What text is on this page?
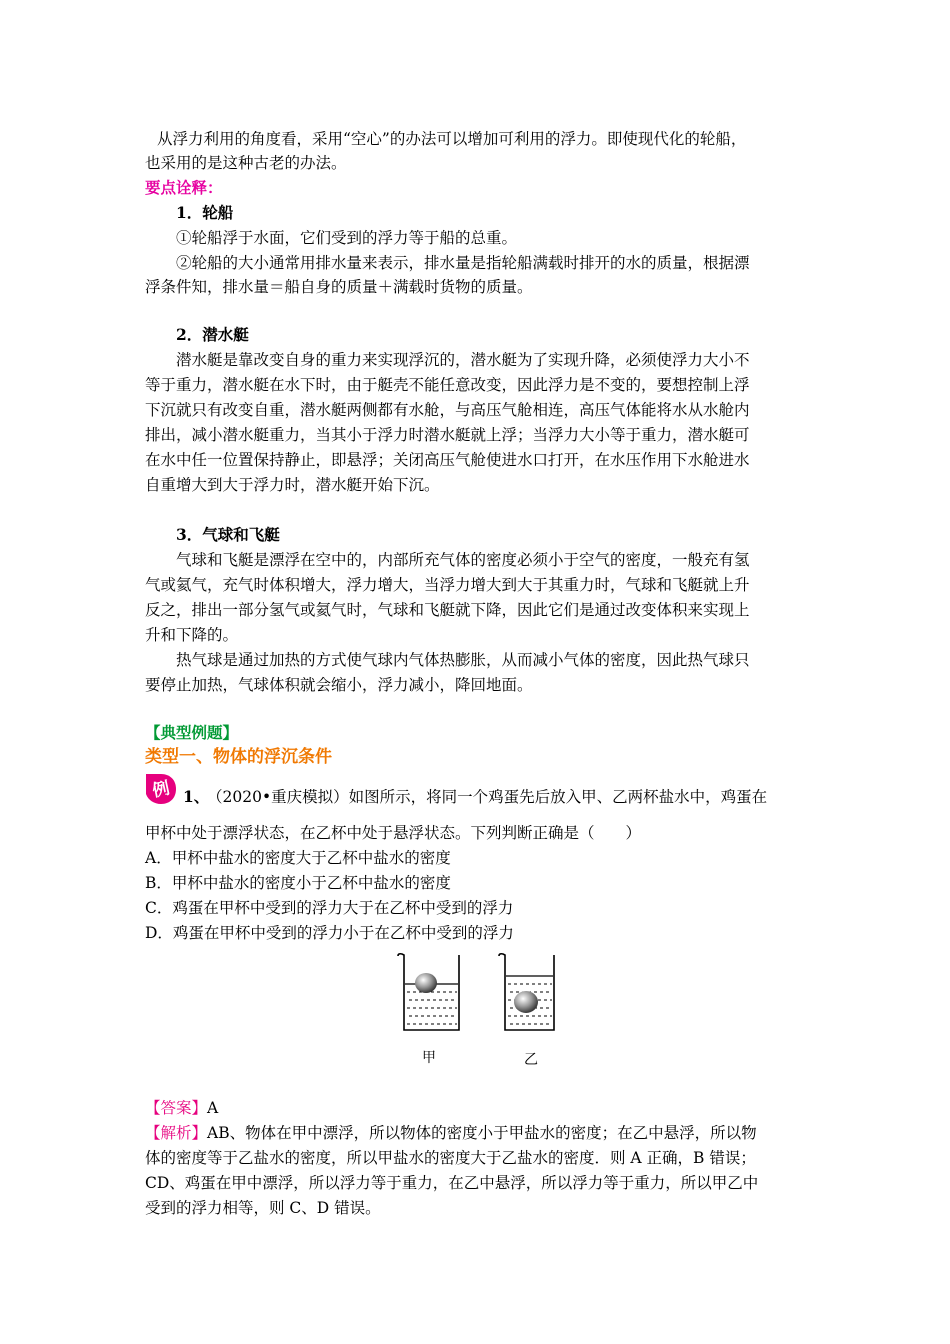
从浮力利用的角度看，采用“空心”的办法可以增加可利用的浮力。即使现代化的轮船，
也采用的是这种古老的办法。
要点诠释：
1．轮船
①轮船浮于水面，它们受到的浮力等于船的总重。
②轮船的大小通常用排水量来表示，排水量是指轮船满载时排开的水的质量，根据漂
浮条件知，排水量＝船自身的质量＋满载时货物的质量。
2．潜水艇
潜水艇是靠改变自身的重力来实现浮沉的，潜水艇为了实现升降，必须使浮力大小不
等于重力，潜水艇在水下时，由于艇壳不能任意改变，因此浮力是不变的，要想控制上浮
下沉就只有改变自重，潜水艇两侧都有水舱，与高压气舱相连，高压气体能将水从水舱内
排出，减小潜水艇重力，当其小于浮力时潜水艇就上浮；当浮力大小等于重力，潜水艇可
在水中任一位置保持静止，即悬浮；关闭高压气舱使进水口打开，在水压作用下水舱进水
自重增大到大于浮力时，潜水艇开始下沉。
3．气球和飞艇
气球和飞艇是漂浮在空中的，内部所充气体的密度必须小于空气的密度，一般充有氢
气或氦气，充气时体积增大，浮力增大，当浮力增大到大于其重力时，气球和飞艇就上升
反之，排出一部分氢气或氦气时，气球和飞艇就下降，因此它们是通过改变体积来实现上
升和下降的。
热气球是通过加热的方式使气球内气体热膨胀，从而减小气体的密度，因此热气球只
要停止加热，气球体积就会缩小，浮力减小，降回地面。
【典型例题】
类型一、物体的浮沉条件
例 1、
（2020•重庆模拟）如图所示，将同一个鸡蛋先后放入甲、乙两杯盐水中，鸡蛋在
甲杯中处于漂浮状态，在乙杯中处于悬浮状态。下列判断正确是（　　）
A．甲杯中盐水的密度大于乙杯中盐水的密度
B．甲杯中盐水的密度小于乙杯中盐水的密度
C．鸡蛋在甲杯中受到的浮力大于在乙杯中受到的浮力
D．鸡蛋在甲杯中受到的浮力小于在乙杯中受到的浮力
甲	乙
【答案】A
【解析】AB、物体在甲中漂浮，所以物体的密度小于甲盐水的密度；在乙中悬浮，所以物
体的密度等于乙盐水的密度，所以甲盐水的密度大于乙盐水的密度．则 A 正确，B 错误；
CD、鸡蛋在甲中漂浮，所以浮力等于重力，在乙中悬浮，所以浮力等于重力，所以甲乙中
受到的浮力相等，则 C、D 错误。
